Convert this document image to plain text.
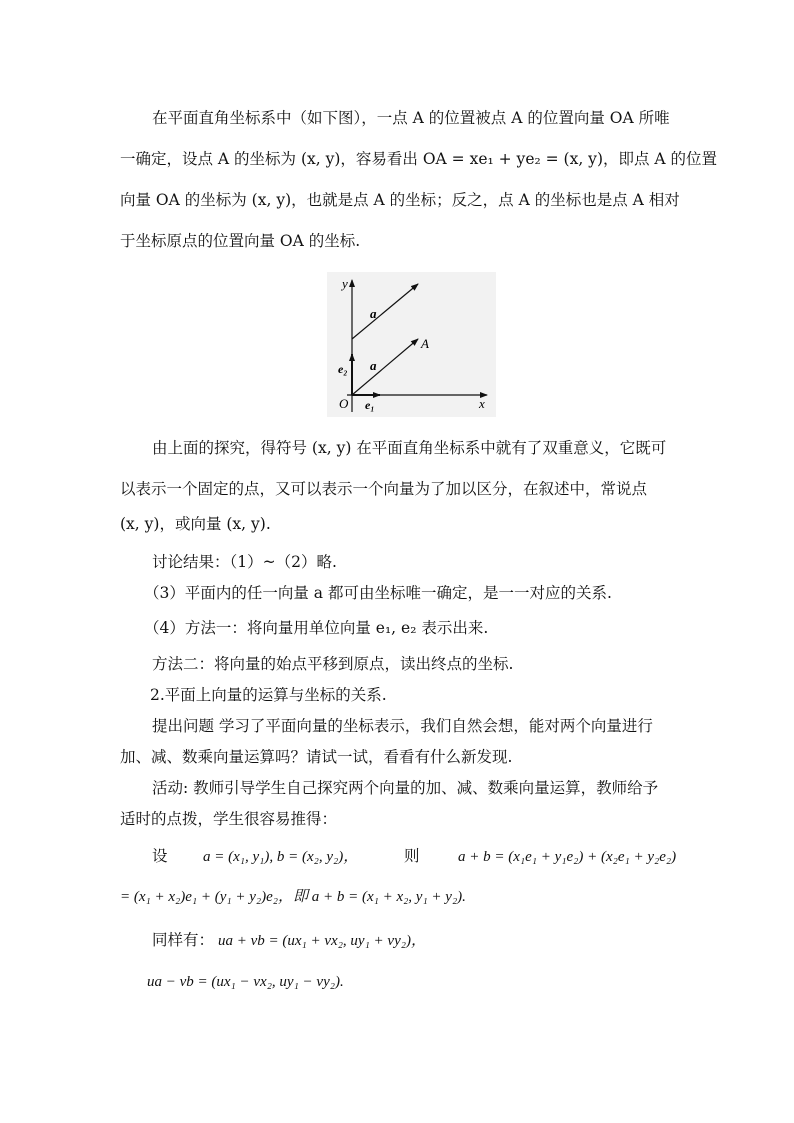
在平面直角坐标系中（如下图），一点 A 的位置被点 A 的位置向量 OA 所唯
一确定，设点 A 的坐标为 (x, y)，容易看出 OA = xe₁ + ye₂ = (x, y)，即点 A 的位置
向量 OA 的坐标为 (x, y)，也就是点 A 的坐标；反之，点 A 的坐标也是点 A 相对
于坐标原点的位置向量 OA 的坐标.
y
x
O
a
a
A
e₁
e₂
由上面的探究，得符号 (x, y) 在平面直角坐标系中就有了双重意义，它既可
以表示一个固定的点，又可以表示一个向量为了加以区分，在叙述中，常说点
(x, y)，或向量 (x, y).
讨论结果：（1）~（2）略.
（3）平面内的任一向量 a 都可由坐标唯一确定，是一一对应的关系.
（4）方法一：将向量用单位向量 e₁, e₂ 表示出来.
方法二：将向量的始点平移到原点，读出终点的坐标.
2.平面上向量的运算与坐标的关系.
提出问题 学习了平面向量的坐标表示，我们自然会想，能对两个向量进行
加、减、数乘向量运算吗？请试一试，看看有什么新发现.
活动: 教师引导学生自己探究两个向量的加、减、数乘向量运算，教师给予
适时的点拨，学生很容易推得：
设 a = (x₁, y₁), b = (x₂, y₂)，	则	a + b = (x₁e₁ + y₁e₂) + (x₂e₁ + y₂e₂)
= (x₁ + x₂)e₁ + (y₁ + y₂)e₂，即 a + b = (x₁ + x₂, y₁ + y₂).
同样有： ua + vb = (ux₁ + vx₂, uy₁ + vy₂)，
ua − vb = (ux₁ − vx₂, uy₁ − vy₂).
